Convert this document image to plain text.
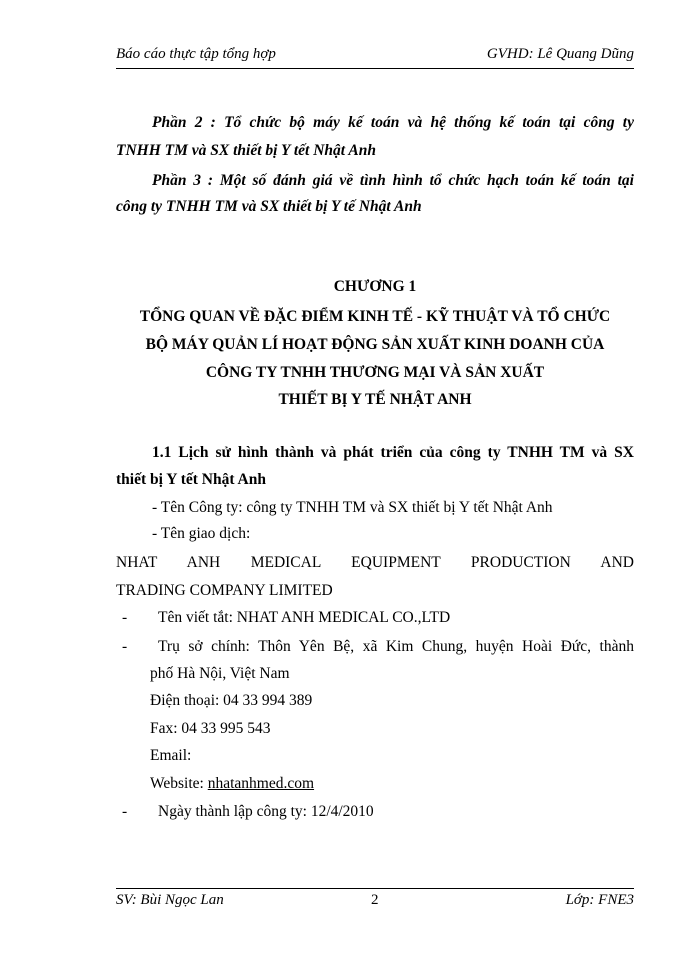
Báo cáo thực tập tổng hợp	GVHD: Lê Quang Dũng
Phần 2 : Tổ chức bộ máy kế toán và hệ thống kế toán tại công ty
TNHH TM và SX thiết bị Y tết Nhật Anh
Phần 3 : Một số đánh giá về tình hình tổ chức hạch toán kế toán tại
công ty TNHH TM và SX thiết bị Y tế Nhật Anh
CHƯƠNG 1
TỔNG QUAN VỀ ĐẶC ĐIỂM KINH TẾ - KỸ THUẬT VÀ TỔ CHỨC
BỘ MÁY QUẢN LÍ HOẠT ĐỘNG SẢN XUẤT KINH DOANH CỦA
CÔNG TY TNHH THƯƠNG MẠI VÀ SẢN XUẤT
THIẾT BỊ Y TẾ NHẬT ANH
1.1 Lịch sử hình thành và phát triển của công ty TNHH TM và SX
thiết bị Y tết Nhật Anh
- Tên Công ty: công ty TNHH TM và SX thiết bị Y tết Nhật Anh
- Tên giao dịch:
NHAT ANH MEDICAL EQUIPMENT PRODUCTION AND
TRADING COMPANY LIMITED
- Tên viết tắt: NHAT ANH MEDICAL CO.,LTD
- Trụ sở chính: Thôn Yên Bệ, xã Kim Chung, huyện Hoài Đức, thành
phố Hà Nội, Việt Nam
Điện thoại: 04 33 994 389
Fax: 04 33 995 543
Email:
Website: nhatanhmed.com
- Ngày thành lập công ty: 12/4/2010
SV: Bùi Ngọc Lan	2	Lớp: FNE3
